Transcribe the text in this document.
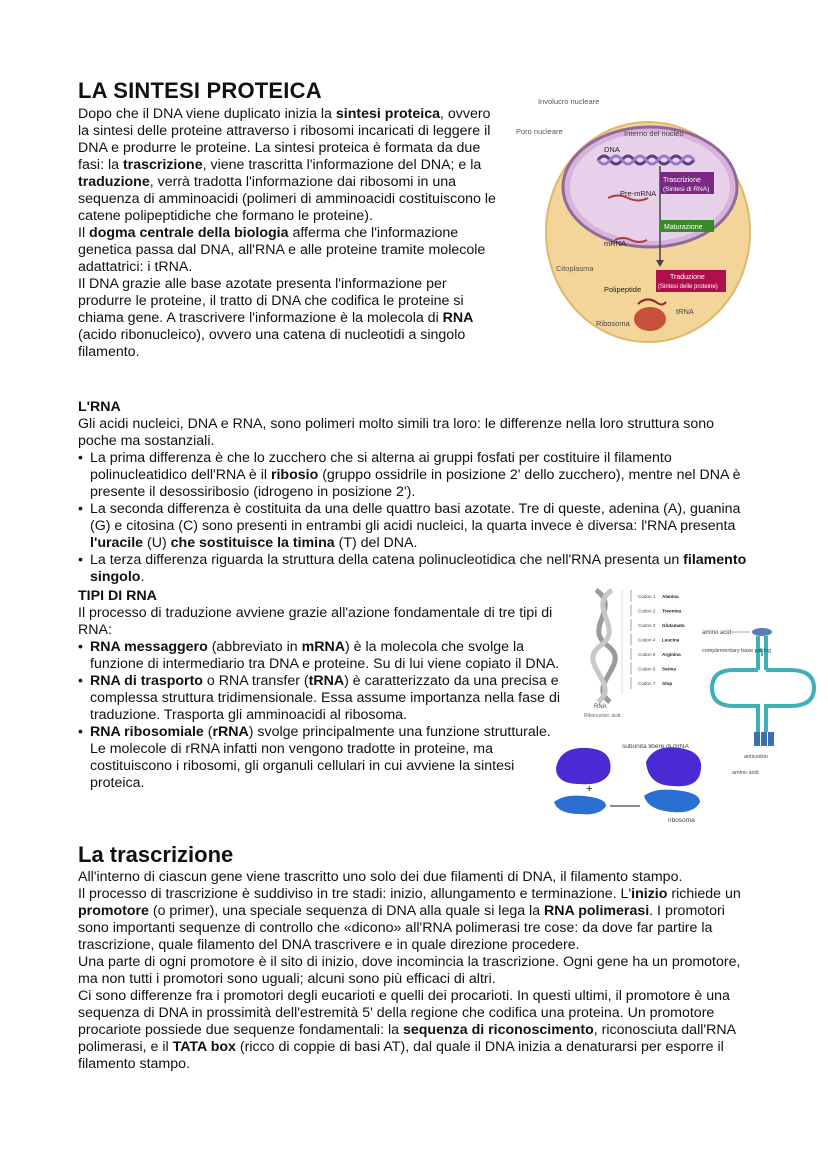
LA SINTESI PROTEICA

Dopo che il DNA viene duplicato inizia la sintesi proteica, ovvero la sintesi delle proteine attraverso i ribosomi incaricati di leggere il DNA e produrre le proteine. La sintesi proteica è formata da due fasi: la trascrizione, viene trascritta l'informazione del DNA; e la traduzione, verrà tradotta l'informazione dai ribosomi in una sequenza di amminoacidi (polimeri di amminoacidi costituiscono le catene polipeptidiche che formano le proteine).

Il dogma centrale della biologia afferma che l'informazione genetica passa dal DNA, all'RNA e alle proteine tramite molecole adattatrici: i tRNA.

Il DNA grazie alle base azotate presenta l'informazione per produrre le proteine, il tratto di DNA che codifica le proteine si chiama gene. A trascrivere l'informazione è la molecola di RNA (acido ribonucleico), ovvero una catena di nucleotidi a singolo filamento.

Involucro nucleare
Poro nucleare	Interno del nucleo
DNA
Trascrizione
(Sintesi di RNA)
Pre-mRNA
Maturazione
mRNA
Citoplasma
Traduzione
(Sintesi delle proteine)
Polipeptide
tRNA
Ribosoma
L'RNA

Gli acidi nucleici, DNA e RNA, sono polimeri molto simili tra loro: le differenze nella loro struttura sono poche ma sostanziali.

• La prima differenza è che lo zucchero che si alterna ai gruppi fosfati per costituire il filamento polinucleatidico dell'RNA è il ribosio (gruppo ossidrile in posizione 2' dello zucchero), mentre nel DNA è presente il desossiribosio (idrogeno in posizione 2').
• La seconda differenza è costituita da una delle quattro basi azotate. Tre di queste, adenina (A), guanina (G) e citosina (C) sono presenti in entrambi gli acidi nucleici, la quarta invece è diversa: l'RNA presenta l'uracile (U) che sostituisce la timina (T) del DNA.
• La terza differenza riguarda la struttura della catena polinucleotidica che nell'RNA presenta un filamento singolo.
TIPI DI RNA

Il processo di traduzione avviene grazie all'azione fondamentale di tre tipi di RNA:

• RNA messaggero (abbreviato in mRNA) è la molecola che svolge la funzione di intermediario tra DNA e proteine. Su di lui viene copiato il DNA.
• RNA di trasporto o RNA transfer (tRNA) è caratterizzato da una precisa e complessa struttura tridimensionale. Essa assume importanza nella fase di traduzione. Trasporta gli amminoacidi al ribosoma.
• RNA ribosomiale (rRNA) svolge principalmente una funzione strutturale. Le molecole di rRNA infatti non vengono tradotte in proteine, ma costituiscono i ribosomi, gli organuli cellulari in cui avviene la sintesi proteica.
Codon 1 Alanina
Codon 2 Treonina
Codon 3 Glutamato
Codon 4 Leucina
Codon 5 Arginina
Codon 6 Serina
Codon 7 Stop
RNA
Ribonucleic acid
amino acid
complementary base pairing
anticodon
amino acid
+
subunità libere di rRNA
ribosoma
La trascrizione

All'interno di ciascun gene viene trascritto uno solo dei due filamenti di DNA, il filamento stampo.

Il processo di trascrizione è suddiviso in tre stadi: inizio, allungamento e terminazione. L'inizio richiede un promotore (o primer), una speciale sequenza di DNA alla quale si lega la RNA polimerasi. I promotori sono importanti sequenze di controllo che «dicono» all'RNA polimerasi tre cose: da dove far partire la trascrizione, quale filamento del DNA trascrivere e in quale direzione procedere.

Una parte di ogni promotore è il sito di inizio, dove incomincia la trascrizione. Ogni gene ha un promotore, ma non tutti i promotori sono uguali; alcuni sono più efficaci di altri.

Ci sono differenze fra i promotori degli eucarioti e quelli dei procarioti. In questi ultimi, il promotore è una sequenza di DNA in prossimità dell'estremità 5' della regione che codifica una proteina. Un promotore procariote possiede due sequenze fondamentali: la sequenza di riconoscimento, riconosciuta dall'RNA polimerasi, e il TATA box (ricco di coppie di basi AT), dal quale il DNA inizia a denaturarsi per esporre il filamento stampo.
